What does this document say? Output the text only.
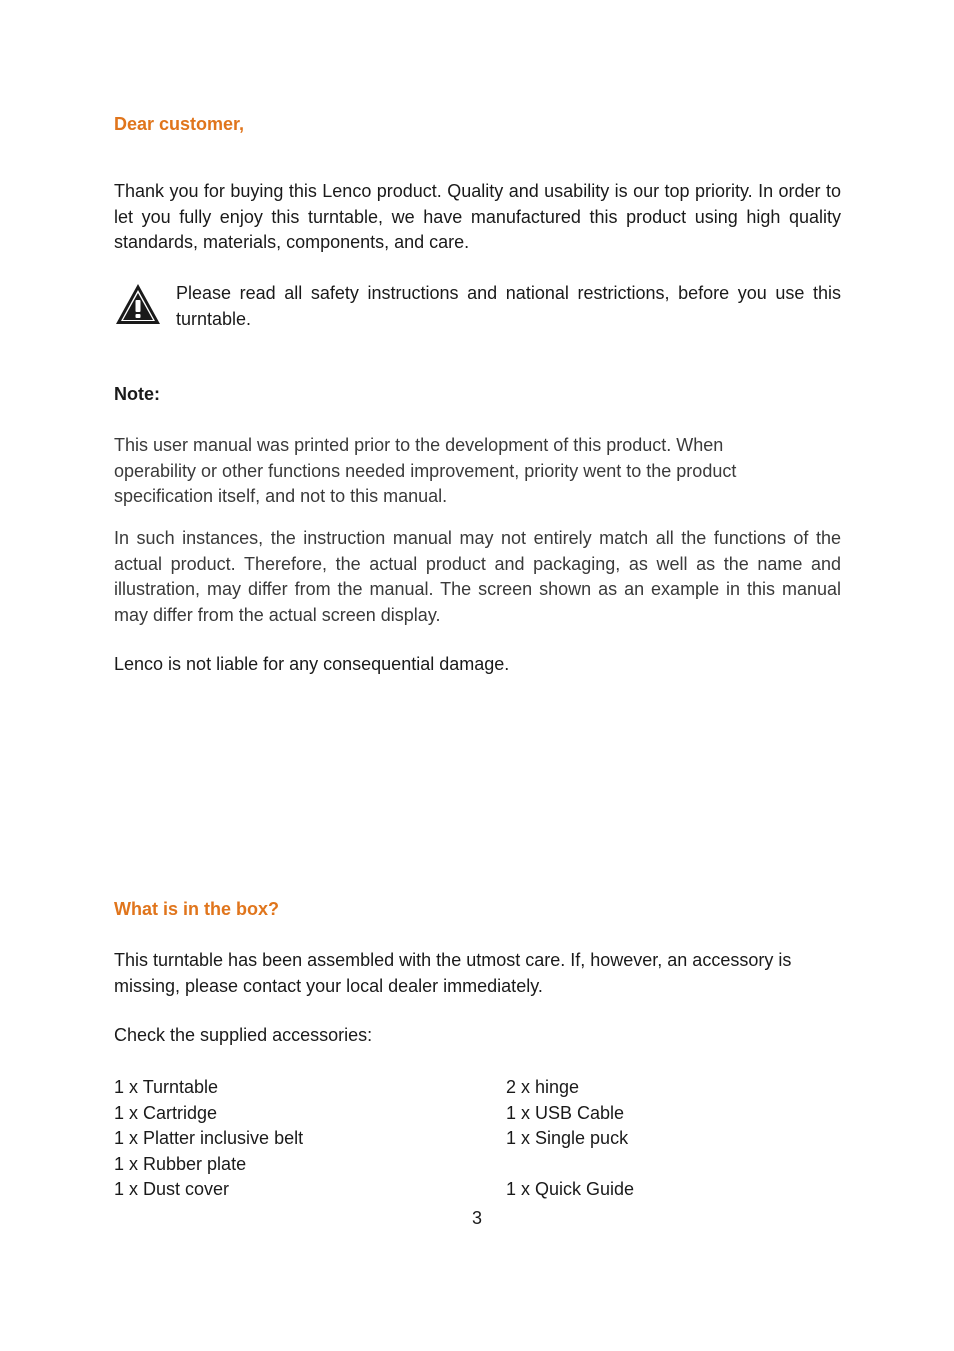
Dear customer,
Thank you for buying this Lenco product. Quality and usability is our top priority. In order to let you fully enjoy this turntable, we have manufactured this product using high quality standards, materials, components, and care.
Please read all safety instructions and national restrictions, before you use this turntable.
Note:
This user manual was printed prior to the development of this product. When operability or other functions needed improvement, priority went to the product specification itself, and not to this manual.
In such instances, the instruction manual may not entirely match all the functions of the actual product. Therefore, the actual product and packaging, as well as the name and illustration, may differ from the manual. The screen shown as an example in this manual may differ from the actual screen display.
Lenco is not liable for any consequential damage.
What is in the box?
This turntable has been assembled with the utmost care. If, however, an accessory is missing, please contact your local dealer immediately.
Check the supplied accessories:
1 x Turntable
1 x Cartridge
1 x Platter inclusive belt
1 x Rubber plate
1 x Dust cover
2 x hinge
1 x USB Cable
1 x Single puck

1 x Quick Guide
3
